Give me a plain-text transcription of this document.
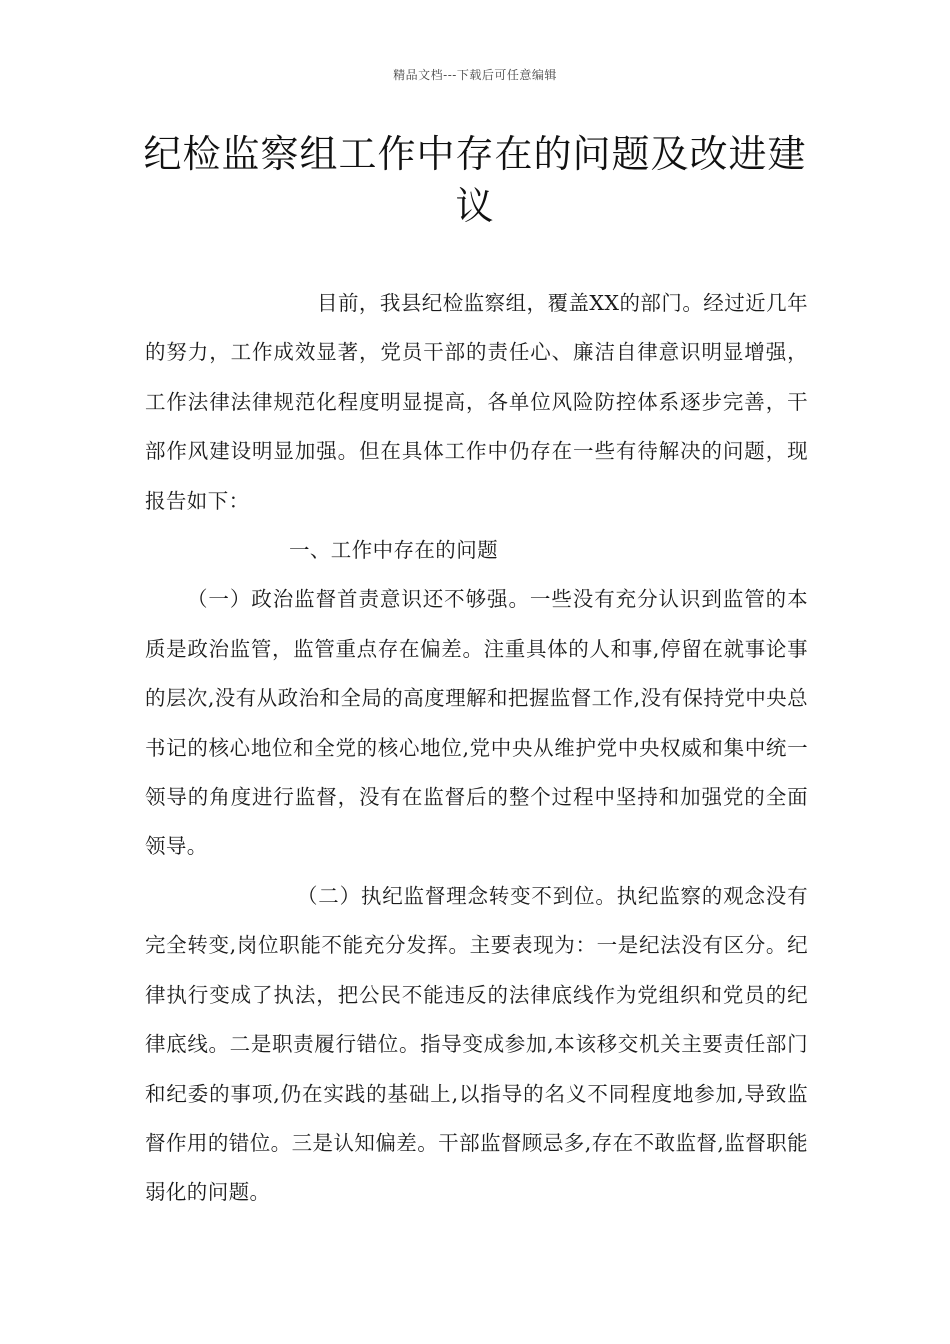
精品文档---下载后可任意编辑
纪检监察组工作中存在的问题及改进建议

目前，我县纪检监察组，覆盖XX的部门。经过近几年的努力，工作成效显著，党员干部的责任心、廉洁自律意识明显增强，工作法律法律规范化程度明显提高，各单位风险防控体系逐步完善，干部作风建设明显加强。但在具体工作中仍存在一些有待解决的问题，现报告如下：

一、工作中存在的问题

（一）政治监督首责意识还不够强。一些没有充分认识到监管的本质是政治监管，监管重点存在偏差。注重具体的人和事,停留在就事论事的层次,没有从政治和全局的高度理解和把握监督工作,没有保持党中央总书记的核心地位和全党的核心地位,党中央从维护党中央权威和集中统一领导的角度进行监督，没有在监督后的整个过程中坚持和加强党的全面领导。

（二）执纪监督理念转变不到位。执纪监察的观念没有完全转变,岗位职能不能充分发挥。主要表现为：一是纪法没有区分。纪律执行变成了执法，把公民不能违反的法律底线作为党组织和党员的纪律底线。二是职责履行错位。指导变成参加,本该移交机关主要责任部门和纪委的事项,仍在实践的基础上,以指导的名义不同程度地参加,导致监督作用的错位。三是认知偏差。干部监督顾忌多,存在不敢监督,监督职能弱化的问题。
